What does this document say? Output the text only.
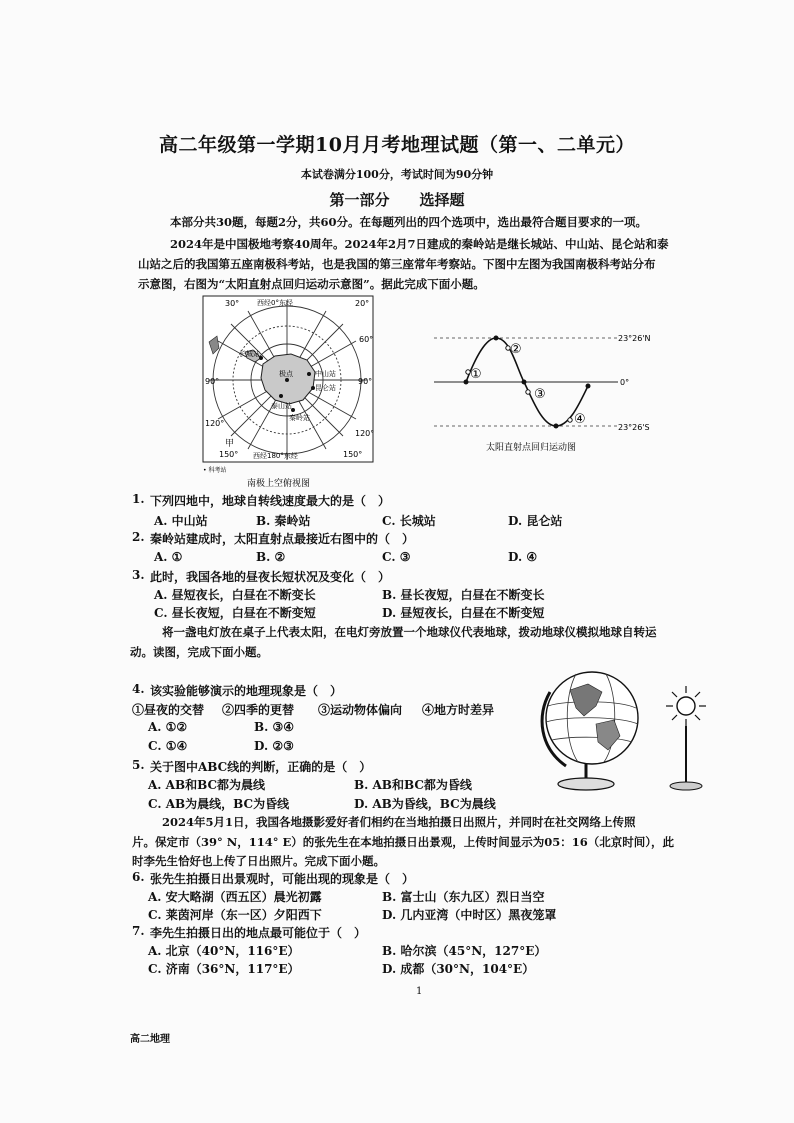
高二年级第一学期10月月考地理试题（第一、二单元）
本试卷满分100分，考试时间为90分钟
第一部分　　选择题
本部分共30题，每题2分，共60分。在每题列出的四个选项中，选出最符合题目要求的一项。
2024年是中国极地考察40周年。2024年2月7日建成的秦岭站是继长城站、中山站、昆仑站和泰
山站之后的我国第五座南极科考站，也是我国的第三座常年考察站。下图中左图为我国南极科考站分布
示意图，右图为“太阳直射点回归运动示意图”。据此完成下面小题。
30°	20°
60°
90°	90°
120°
120°
150°	150°
西经0°东经
西经180°东经
长城站
秦岭站
中山站
昆仑站
泰山站
极点
甲
• 科考站
南极上空俯视图
23°26'N
0°
23°26'S
①
②
③
④
太阳直射点回归运动图
1. 下列四地中，地球自转线速度最大的是（　）
A. 中山站	B. 秦岭站	C. 长城站	D. 昆仑站
2. 秦岭站建成时，太阳直射点最接近右图中的（　）
A. ①	B. ②	C. ③	D. ④
3. 此时，我国各地的昼夜长短状况及变化（　）
A. 昼短夜长，白昼在不断变长	B. 昼长夜短，白昼在不断变长
C. 昼长夜短，白昼在不断变短	D. 昼短夜长，白昼在不断变短
将一盏电灯放在桌子上代表太阳，在电灯旁放置一个地球仪代表地球，拨动地球仪模拟地球自转运
动。读图，完成下面小题。
4. 该实验能够演示的地理现象是（　）
①昼夜的交替 ②四季的更替 ③运动物体偏向 ④地方时差异
A. ①②	B. ③④
C. ①④	D. ②③
5. 关于图中ABC线的判断，正确的是（　）
A. AB和BC都为晨线	B. AB和BC都为昏线
C. AB为晨线，BC为昏线	D. AB为昏线，BC为晨线
2024年5月1日，我国各地摄影爱好者们相约在当地拍摄日出照片，并同时在社交网络上传照
片。保定市（39° N，114° E）的张先生在本地拍摄日出景观，上传时间显示为05：16（北京时间），此
时李先生恰好也上传了日出照片。完成下面小题。
6. 张先生拍摄日出景观时，可能出现的现象是（　）
A. 安大略湖（西五区）晨光初露	B. 富士山（东九区）烈日当空
C. 莱茵河岸（东一区）夕阳西下	D. 几内亚湾（中时区）黑夜笼罩
7. 李先生拍摄日出的地点最可能位于（　）
A. 北京（40°N，116°E）	B. 哈尔滨（45°N，127°E）
C. 济南（36°N，117°E）	D. 成都（30°N，104°E）
1
高二地理
